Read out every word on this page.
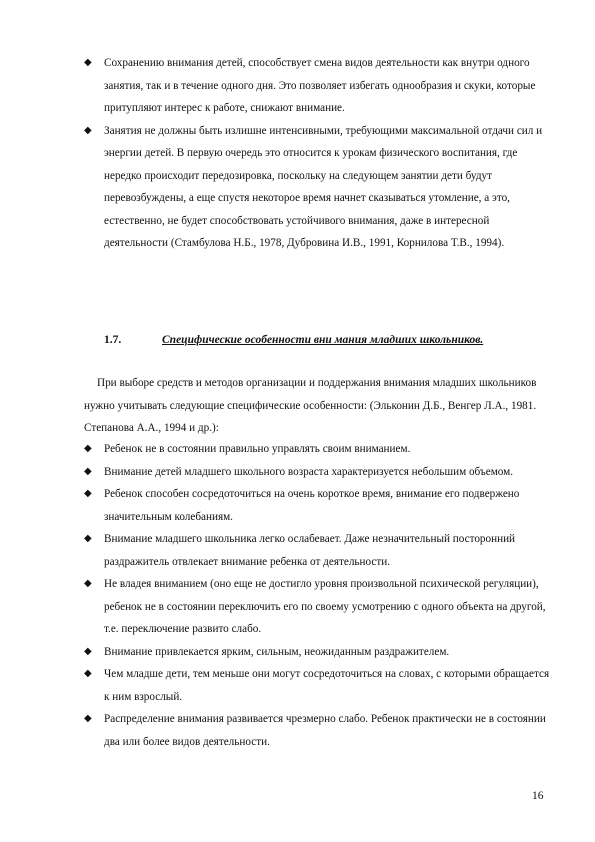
◆	Сохранению внимания детей, способствует смена видов деятельности как внутри одного занятия, так и в течение одного дня. Это позволяет избегать однообразия и скуки, которые притупляют интерес к работе, снижают внимание.
◆	Занятия не должны быть излишне интенсивными, требующими максимальной отдачи сил и энергии детей. В первую очередь это относится к урокам физического воспитания, где нередко происходит передозировка, поскольку на следующем занятии дети будут перевозбуждены, а еще спустя некоторое время начнет сказываться утомление, а это, естественно, не будет способствовать устойчивого внимания, даже в интересной деятельности (Стамбулова Н.Б., 1978, Дубровина И.В., 1991, Корнилова Т.В., 1994).
1.7.	Специфические особенности вни мания младших школьников.

При выборе средств и методов организации и поддержания внимания младших школьников нужно учитывать следующие специфические особенности: (Эльконин Д.Б., Венгер Л.А., 1981. Степанова А.А., 1994 и др.):

◆	Ребенок не в состоянии правильно управлять своим вниманием.
◆	Внимание детей младшего школьного возраста характеризуется небольшим объемом.
◆	Ребенок способен сосредоточиться на очень короткое время, внимание его подвержено значительным колебаниям.
◆	Внимание младшего школьника легко ослабевает. Даже незначительный посторонний раздражитель отвлекает внимание ребенка от деятельности.
◆	Не владея вниманием (оно еще не достигло уровня произвольной психической регуляции), ребенок не в состоянии переключить его по своему усмотрению с одного объекта на другой, т.е. переключение развито слабо.
◆	Внимание привлекается ярким, сильным, неожиданным раздражителем.
◆	Чем младше дети, тем меньше они могут сосредоточиться на словах, с которыми обращается к ним взрослый.
◆	Распределение внимания развивается чрезмерно слабо. Ребенок практически не в состоянии два или более видов деятельности.
16
